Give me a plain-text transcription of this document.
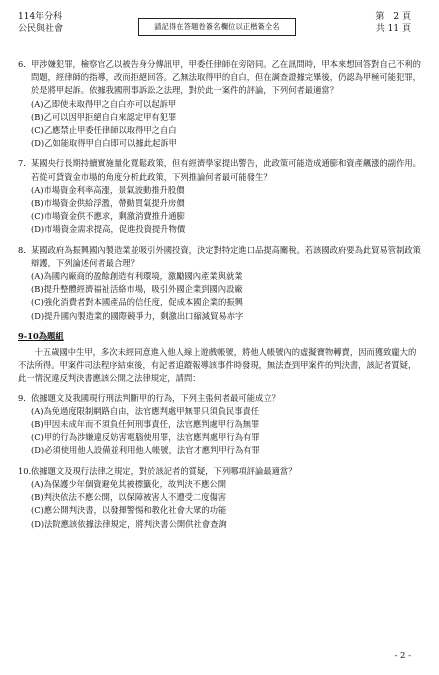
114年分科
公民與社會	請記得在答題卷簽名欄位以正楷簽全名
第　2 頁
共 11 頁
6. 甲涉嫌犯罪，檢察官乙以被告身分傳訊甲，甲委任律師在旁陪同。乙在訊問時，甲本來想回答對自己不利的問題，經律師的指導，改而拒絕回答。乙無法取得甲的自白，但在調查證據完畢後，仍認為甲極可能犯罪，於是將甲起訴。依據我國刑事訴訟之法理，對於此一案件的評論，下列何者最適當？
(A)乙即使未取得甲之自白亦可以起訴甲
(B)乙可以因甲拒絕自白來認定甲有犯罪
(C)乙應禁止甲委任律師以取得甲之自白
(D)乙如能取得甲自白即可以據此起訴甲
7. 某國央行長期持續實施量化寬鬆政策，但有經濟學家提出警告，此政策可能造成通膨和資產飆漲的副作用。若從可貸資金市場的角度分析此政策，下列推論何者最可能發生？
(A)市場資金利率高漲，景氣波動推升股價
(B)市場資金供給浮濫，帶動買氣提升房價
(C)市場資金供不應求，剩激消費推升通膨
(D)市場資金需求提高，促進投資提升物價
8. 某國政府為振興國內製造業並吸引外國投資，決定對特定進口品提高關稅。若該國政府要為此貿易管制政策辯護，下列論述何者最合理？
(A)為國內廠商的盈餘創造有利環境，激勵國內產業與就業
(B)提升整體經濟福祉活絡市場，吸引外國企業到國內設廠
(C)強化消費者對本國產品的信任度，促成本國企業的振興
(D)提升國內製造業的國際競爭力，剩激出口縮減貿易赤字
9-10為題組
十五歲國中生甲，多次未經同意進入他人線上遊戲帳號，將他人帳號內的虛擬寶物轉賣，因而獲致龐大的不法所得。甲案件司法程序結束後，有記者追蹤報導該事件時發現，無法查到甲案件的判決書，該記者質疑，此一情況違反判決書應該公開之法律規定，請問：
9. 依據題文及我國現行刑法判斷甲的行為，下列主張何者最可能成立？
(A)為免過度限制網路自由，法官應判處甲無罪只須負民事責任
(B)甲因未成年而不須負任何刑事責任，法官應判處甲行為無罪
(C)甲的行為涉嫌違反妨害電腦使用罪，法官應判處甲行為有罪
(D)必須使用他人設備並利用他人帳號，法官才應判甲行為有罪
10. 依據題文及現行法律之規定，對於該記者的質疑，下列哪項評論最適當？
(A)為保護少年個資避免其被標籤化，故判決不應公開
(B)判決依法不應公開，以保障被害人不遭受二度傷害
(C)應公開判決書，以發揮警惕和教化社會大眾的功能
(D)法院應該依據法律規定，將判決書公開供社會查詢
- 2 -
